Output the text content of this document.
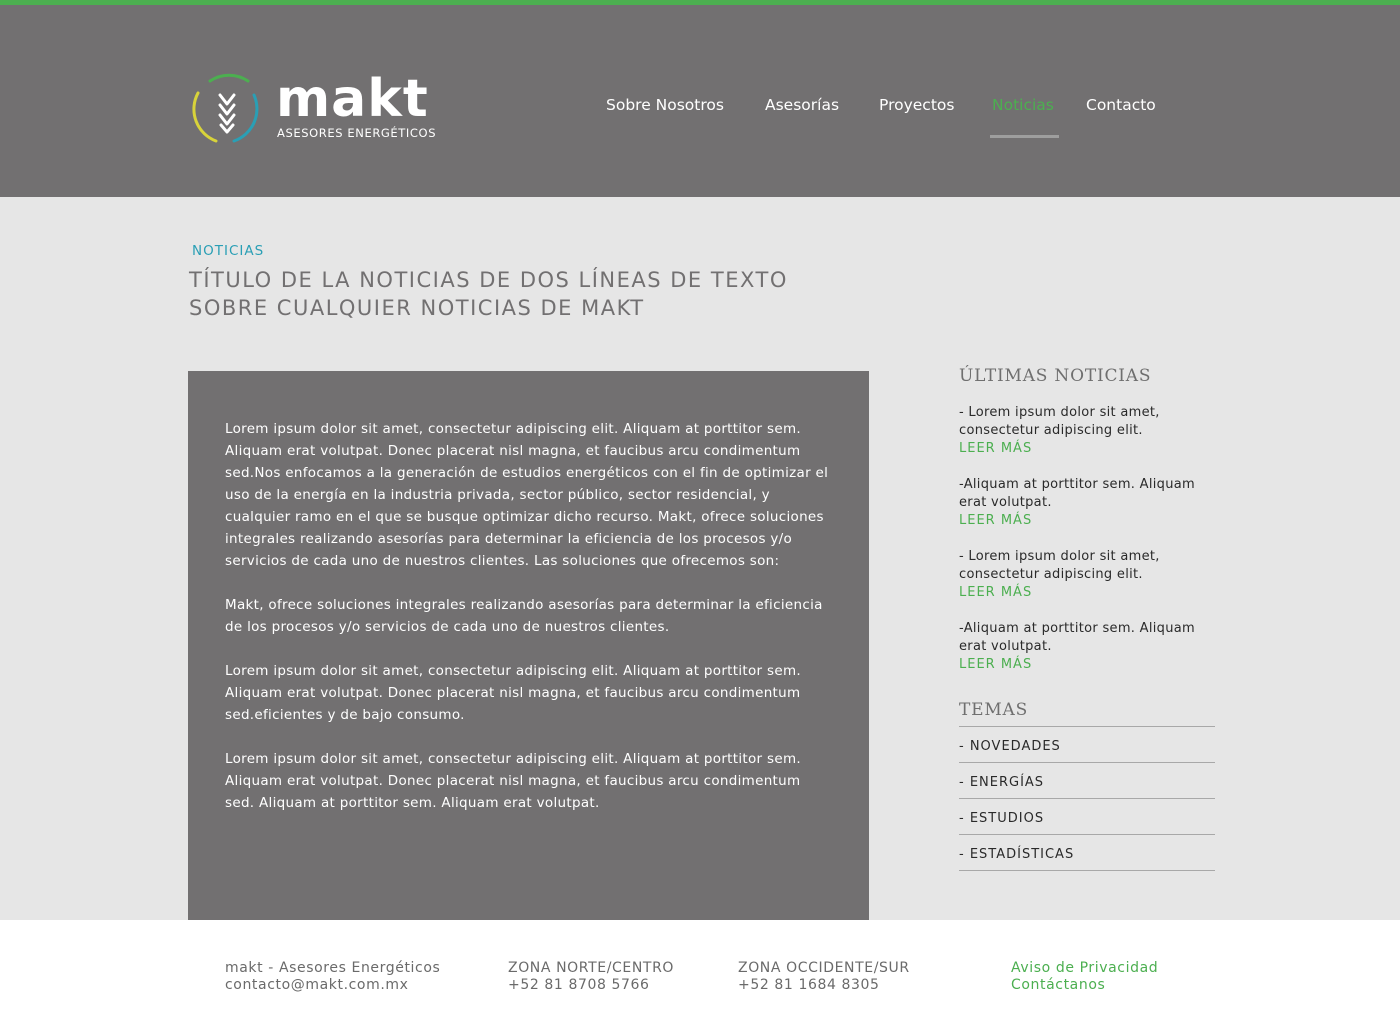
makt
ASESORES ENERGÉTICOS
Sobre Nosotros	Asesorías	Proyectos Noticias Contacto
NOTICIAS
TÍTULO DE LA NOTICIAS DE DOS LÍNEAS DE TEXTO
SOBRE CUALQUIER NOTICIAS DE MAKT

Lorem ipsum dolor sit amet, consectetur adipiscing elit. Aliquam at porttitor sem. Aliquam erat volutpat. Donec placerat nisl magna, et faucibus arcu condimentum sed.Nos enfocamos a la generación de estudios energéticos con el fin de optimizar el uso de la energía en la industria privada, sector público, sector residencial, y cualquier ramo en el que se busque optimizar dicho recurso. Makt, ofrece soluciones integrales realizando asesorías para determinar la eficiencia de los procesos y/o servicios de cada uno de nuestros clientes. Las soluciones que ofrecemos son:

Makt, ofrece soluciones integrales realizando asesorías para determinar la eficiencia de los procesos y/o servicios de cada uno de nuestros clientes.

Lorem ipsum dolor sit amet, consectetur adipiscing elit. Aliquam at porttitor sem. Aliquam erat volutpat. Donec placerat nisl magna, et faucibus arcu condimentum sed.eficientes y de bajo consumo.

Lorem ipsum dolor sit amet, consectetur adipiscing elit. Aliquam at porttitor sem. Aliquam erat volutpat. Donec placerat nisl magna, et faucibus arcu condimentum sed. Aliquam at porttitor sem. Aliquam erat volutpat.

ÚLTIMAS NOTICIAS
- Lorem ipsum dolor sit amet, consectetur adipiscing elit.
LEER MÁS
-Aliquam at porttitor sem. Aliquam erat volutpat.
LEER MÁS
- Lorem ipsum dolor sit amet, consectetur adipiscing elit.
LEER MÁS
-Aliquam at porttitor sem. Aliquam erat volutpat.
LEER MÁS
TEMAS
- NOVEDADES
- ENERGÍAS
- ESTUDIOS
- ESTADÍSTICAS
makt - Asesores Energéticos
contacto@makt.com.mx
ZONA NORTE/CENTRO
+52 81 8708 5766
ZONA OCCIDENTE/SUR
+52 81 1684 8305
Aviso de Privacidad
Contáctanos
